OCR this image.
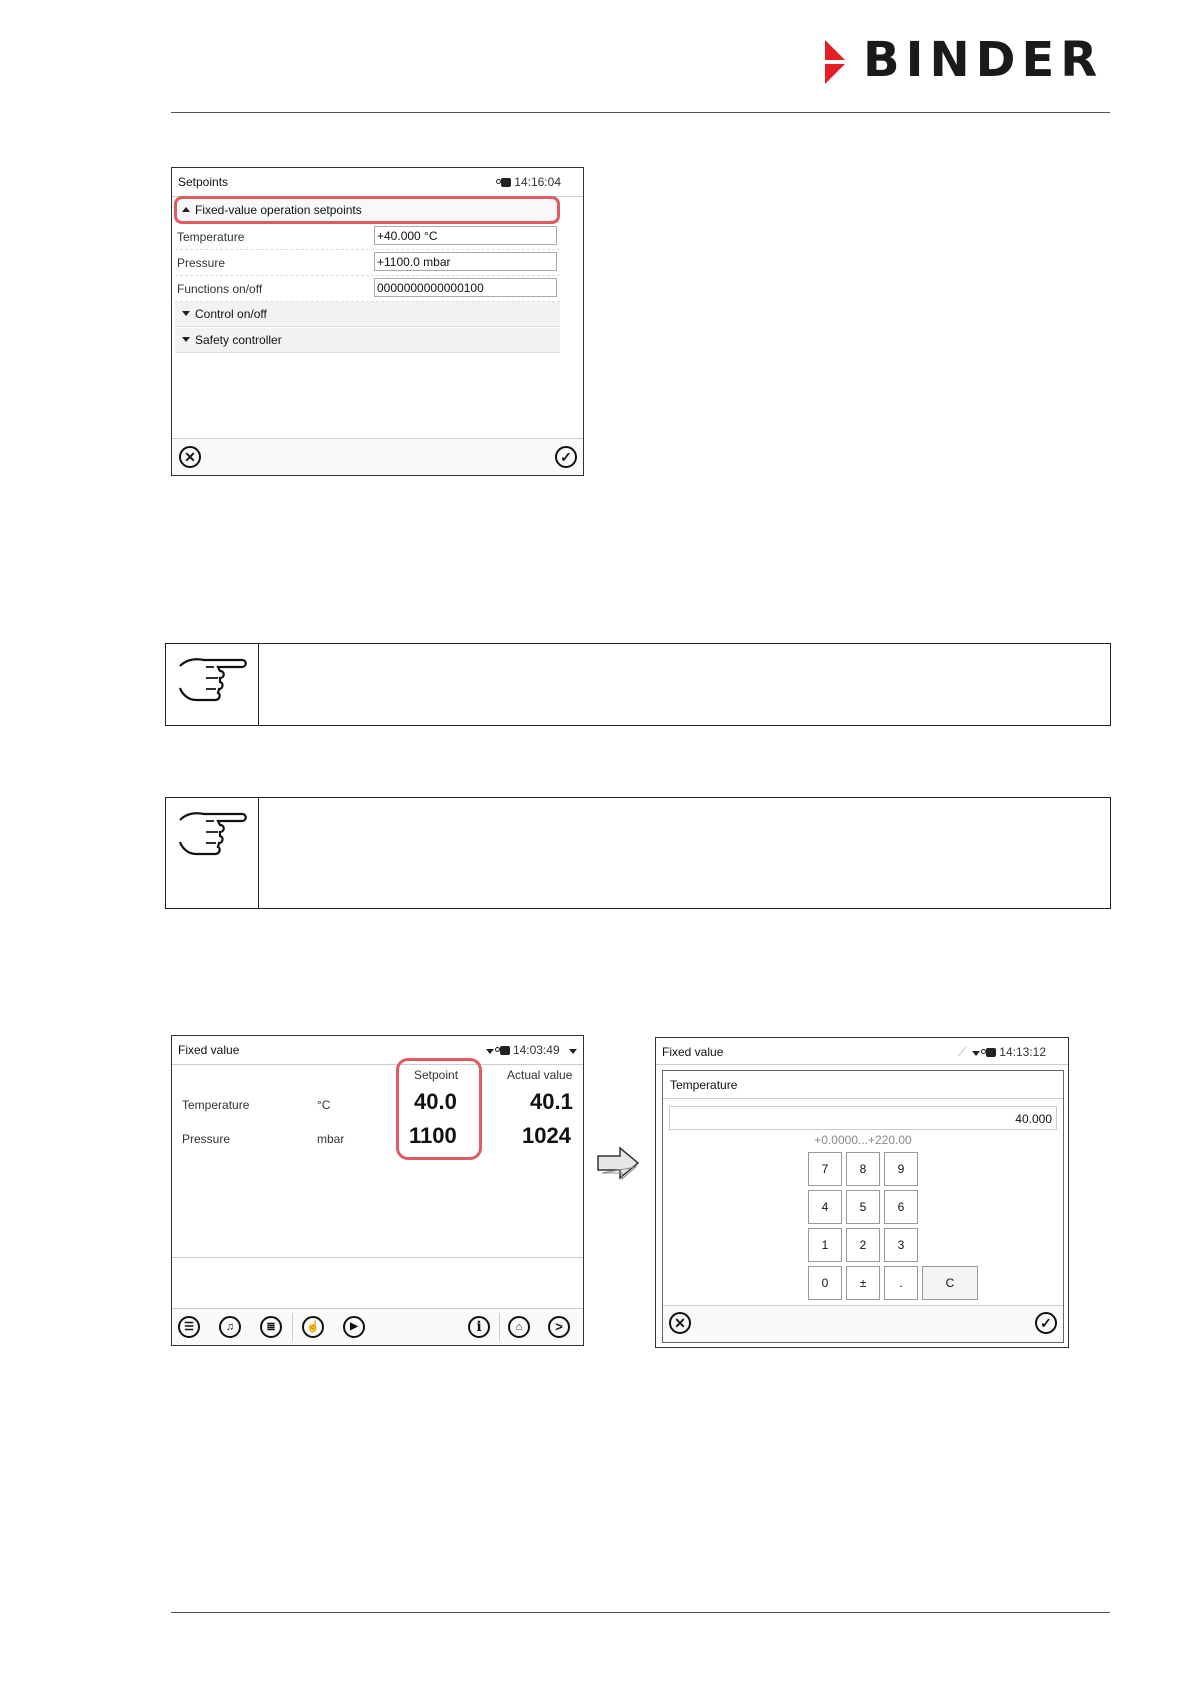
BINDER
Setpoints	14:16:04
Fixed-value operation setpoints
Temperature	+40.000 °C
Pressure	+1100.0 mbar
Functions on/off	0000000000000100
Control on/off
Safety controller
✕	✓
Fixed value	14:03:49
Setpoint	Actual value
Temperature	°C	40.0	40.1
Pressure	mbar	1100	1024
☰	♫	≣	☝	▶	i	⌂	>
Fixed value	⟋	14:13:12
Temperature
40.000
+0.0000...+220.00
7	8	9
4	5	6
1	2	3
0	±	.	C
✕	✓
